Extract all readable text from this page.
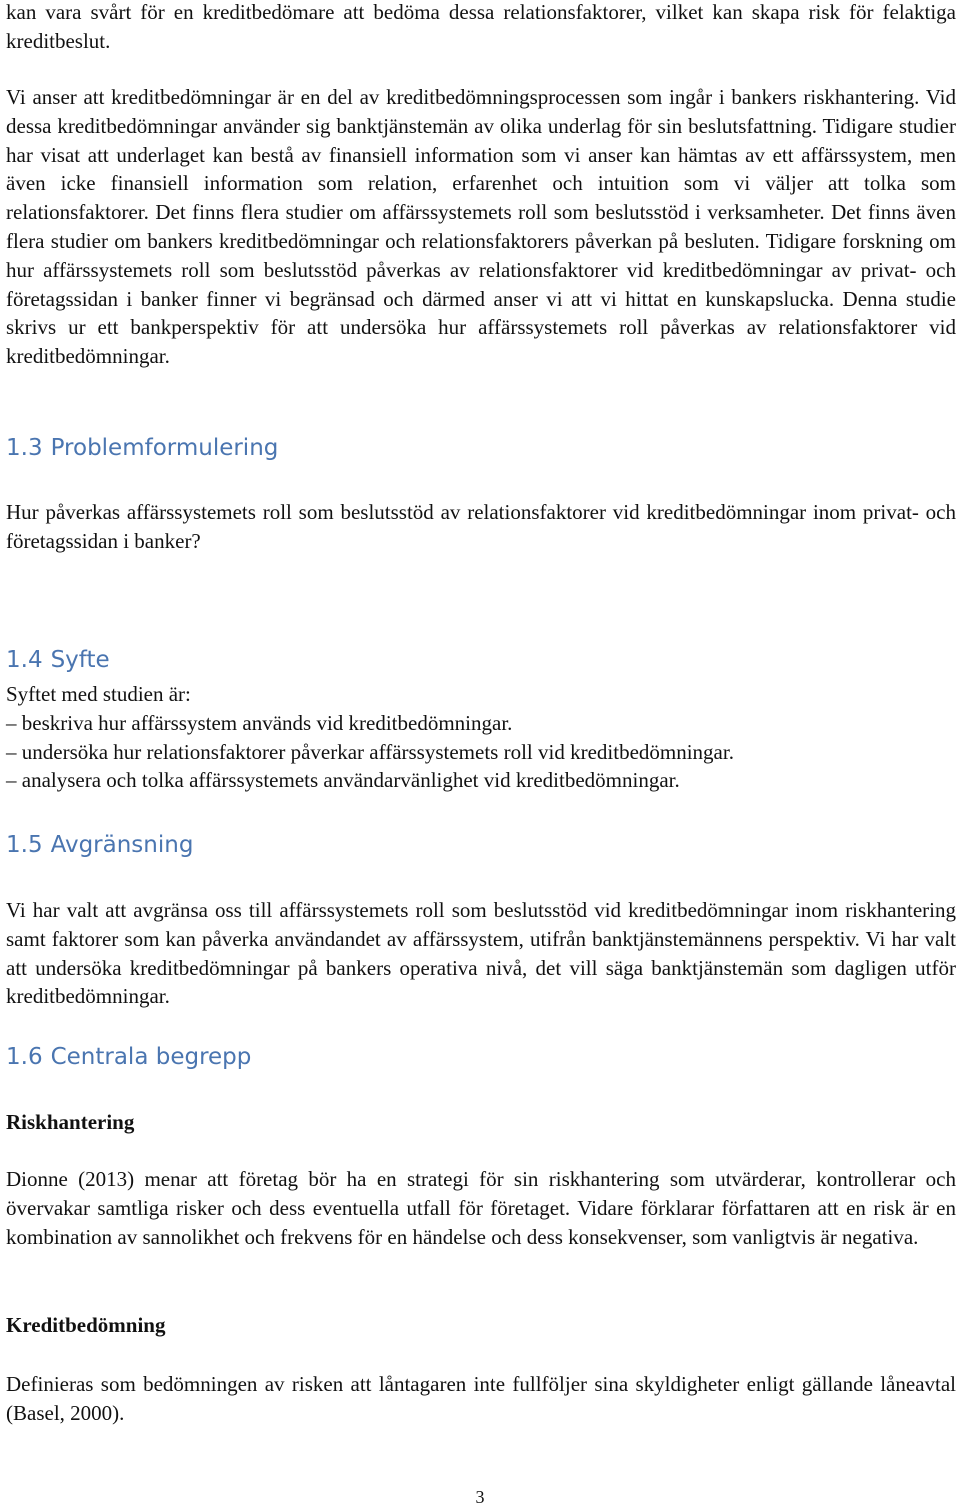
kan vara svårt för en kreditbedömare att bedöma dessa relationsfaktorer, vilket kan skapa risk för felaktiga kreditbeslut.

Vi anser att kreditbedömningar är en del av kreditbedömningsprocessen som ingår i bankers riskhantering. Vid dessa kreditbedömningar använder sig banktjänstemän av olika underlag för sin beslutsfattning. Tidigare studier har visat att underlaget kan bestå av finansiell information som vi anser kan hämtas av ett affärssystem, men även icke finansiell information som relation, erfarenhet och intuition som vi väljer att tolka som relationsfaktorer. Det finns flera studier om affärssystemets roll som beslutsstöd i verksamheter. Det finns även flera studier om bankers kreditbedömningar och relationsfaktorers påverkan på besluten. Tidigare forskning om hur affärssystemets roll som beslutsstöd påverkas av relationsfaktorer vid kreditbedömningar av privat- och företagssidan i banker finner vi begränsad och därmed anser vi att vi hittat en kunskapslucka. Denna studie skrivs ur ett bankperspektiv för att undersöka hur affärssystemets roll påverkas av relationsfaktorer vid kreditbedömningar.

1.3 Problemformulering

Hur påverkas affärssystemets roll som beslutsstöd av relationsfaktorer vid kreditbedömningar inom privat- och företagssidan i banker?

1.4 Syfte
Syftet med studien är:
– beskriva hur affärssystem används vid kreditbedömningar.
– undersöka hur relationsfaktorer påverkar affärssystemets roll vid kreditbedömningar.
– analysera och tolka affärssystemets användarvänlighet vid kreditbedömningar.
1.5 Avgränsning

Vi har valt att avgränsa oss till affärssystemets roll som beslutsstöd vid kreditbedömningar inom riskhantering samt faktorer som kan påverka användandet av affärssystem, utifrån banktjänstemännens perspektiv. Vi har valt att undersöka kreditbedömningar på bankers operativa nivå, det vill säga banktjänstemän som dagligen utför kreditbedömningar.

1.6 Centrala begrepp
Riskhantering

Dionne (2013) menar att företag bör ha en strategi för sin riskhantering som utvärderar, kontrollerar och övervakar samtliga risker och dess eventuella utfall för företaget. Vidare förklarar författaren att en risk är en kombination av sannolikhet och frekvens för en händelse och dess konsekvenser, som vanligtvis är negativa.

Kreditbedömning

Definieras som bedömningen av risken att låntagaren inte fullföljer sina skyldigheter enligt gällande låneavtal (Basel, 2000).

3
